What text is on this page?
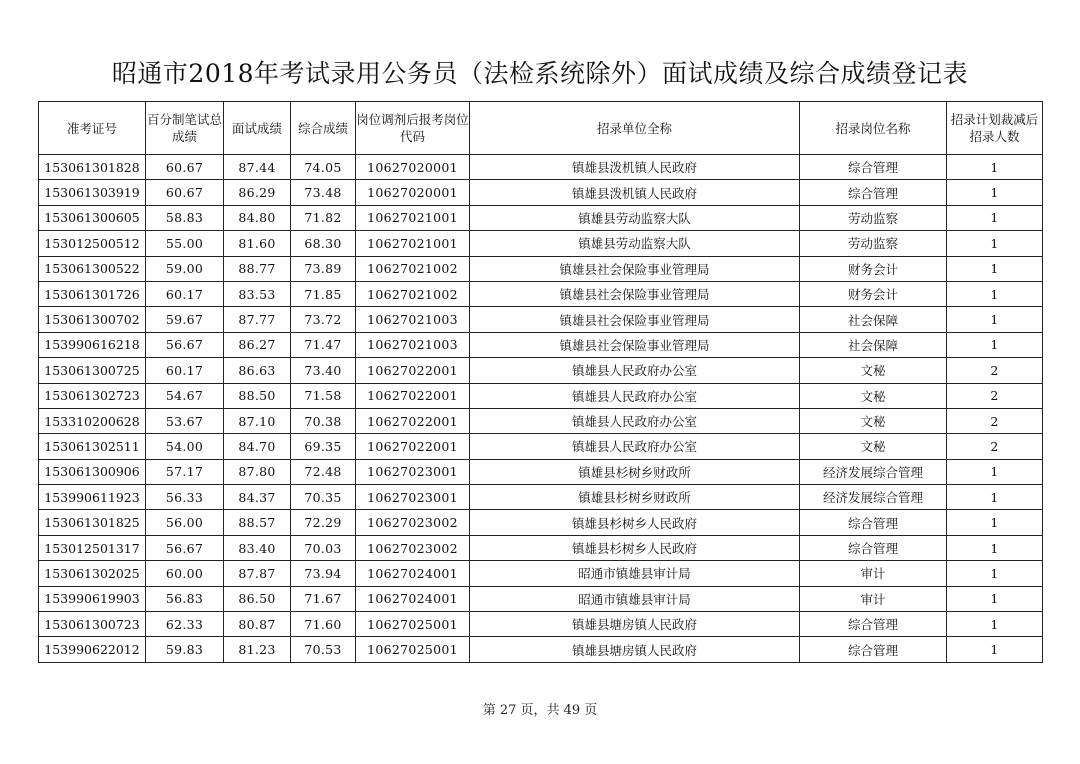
昭通市2018年考试录用公务员（法检系统除外）面试成绩及综合成绩登记表
准考证号	百分制笔试总成绩	面试成绩	综合成绩	岗位调剂后报考岗位代码	招录单位全称	招录岗位名称	招录计划裁减后招录人数
153061301828	60.67	87.44	74.05	10627020001	镇雄县泼机镇人民政府	综合管理	1
153061303919	60.67	86.29	73.48	10627020001	镇雄县泼机镇人民政府	综合管理	1
153061300605	58.83	84.80	71.82	10627021001	镇雄县劳动监察大队	劳动监察	1
153012500512	55.00	81.60	68.30	10627021001	镇雄县劳动监察大队	劳动监察	1
153061300522	59.00	88.77	73.89	10627021002	镇雄县社会保险事业管理局	财务会计	1
153061301726	60.17	83.53	71.85	10627021002	镇雄县社会保险事业管理局	财务会计	1
153061300702	59.67	87.77	73.72	10627021003	镇雄县社会保险事业管理局	社会保障	1
153990616218	56.67	86.27	71.47	10627021003	镇雄县社会保险事业管理局	社会保障	1
153061300725	60.17	86.63	73.40	10627022001	镇雄县人民政府办公室	文秘	2
153061302723	54.67	88.50	71.58	10627022001	镇雄县人民政府办公室	文秘	2
153310200628	53.67	87.10	70.38	10627022001	镇雄县人民政府办公室	文秘	2
153061302511	54.00	84.70	69.35	10627022001	镇雄县人民政府办公室	文秘	2
153061300906	57.17	87.80	72.48	10627023001	镇雄县杉树乡财政所	经济发展综合管理	1
153990611923	56.33	84.37	70.35	10627023001	镇雄县杉树乡财政所	经济发展综合管理	1
153061301825	56.00	88.57	72.29	10627023002	镇雄县杉树乡人民政府	综合管理	1
153012501317	56.67	83.40	70.03	10627023002	镇雄县杉树乡人民政府	综合管理	1
153061302025	60.00	87.87	73.94	10627024001	昭通市镇雄县审计局	审计	1
153990619903	56.83	86.50	71.67	10627024001	昭通市镇雄县审计局	审计	1
153061300723	62.33	80.87	71.60	10627025001	镇雄县塘房镇人民政府	综合管理	1
153990622012	59.83	81.23	70.53	10627025001	镇雄县塘房镇人民政府	综合管理	1
第 27 页，共 49 页
